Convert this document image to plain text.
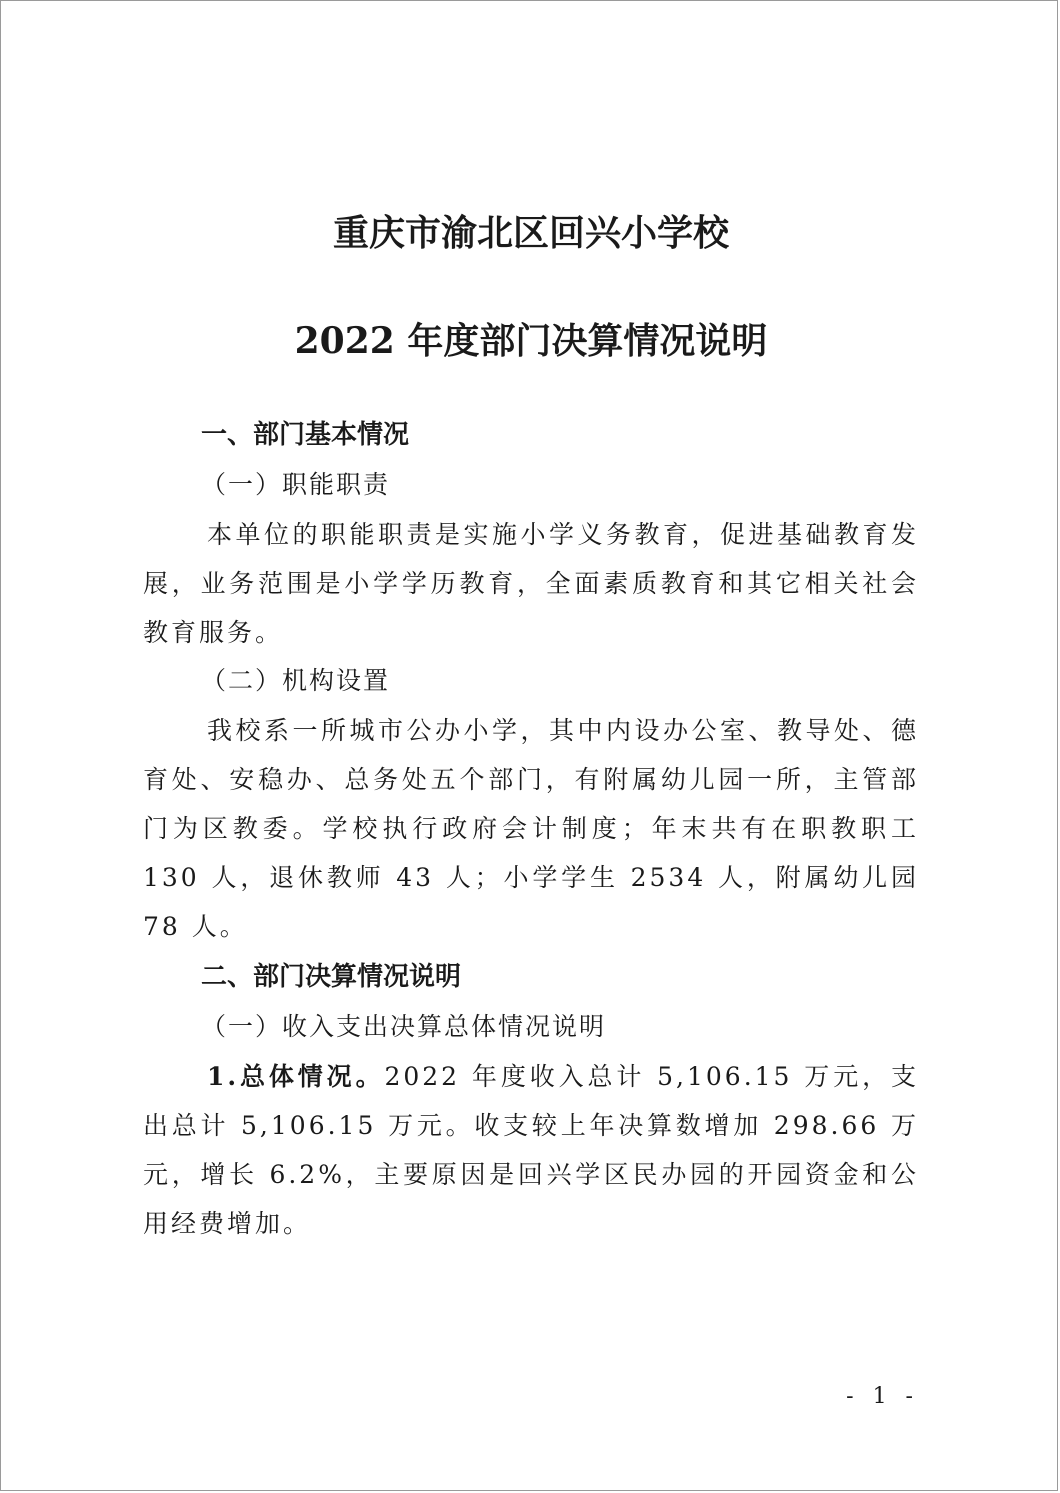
重庆市渝北区回兴小学校
2022 年度部门决算情况说明
一、部门基本情况
（一）职能职责
本单位的职能职责是实施小学义务教育，促进基础教育发展，业务范围是小学学历教育，全面素质教育和其它相关社会教育服务。
（二）机构设置
我校系一所城市公办小学，其中内设办公室、教导处、德育处、安稳办、总务处五个部门，有附属幼儿园一所，主管部门为区教委。学校执行政府会计制度；年末共有在职教职工 130 人，退休教师 43 人；小学学生 2534 人，附属幼儿园 78 人。
二、部门决算情况说明
（一）收入支出决算总体情况说明
1.总体情况。2022 年度收入总计 5,106.15 万元，支出总计 5,106.15 万元。收支较上年决算数增加 298.66 万元，增长 6.2%，主要原因是回兴学区民办园的开园资金和公用经费增加。
- 1 -
